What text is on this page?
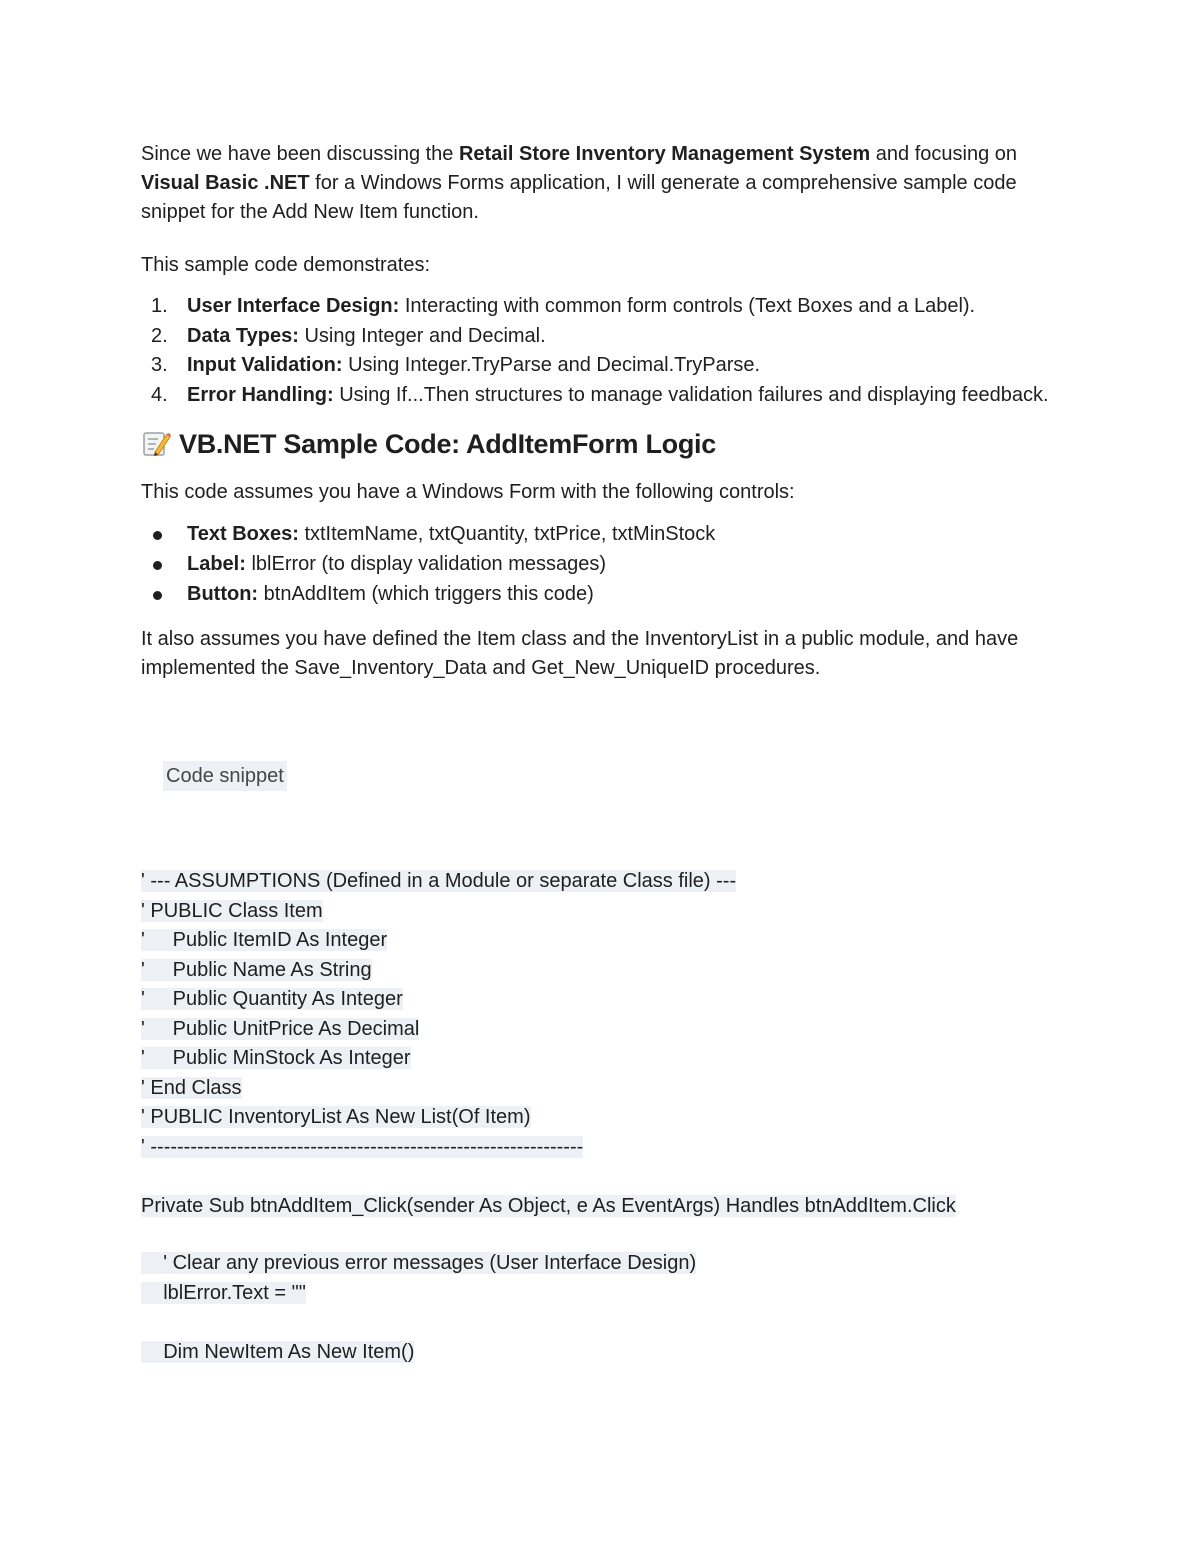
Since we have been discussing the Retail Store Inventory Management System and focusing on Visual Basic .NET for a Windows Forms application, I will generate a comprehensive sample code snippet for the Add New Item function.

This sample code demonstrates:

1. User Interface Design: Interacting with common form controls (Text Boxes and a Label).
2. Data Types: Using Integer and Decimal.
3. Input Validation: Using Integer.TryParse and Decimal.TryParse.
4. Error Handling: Using If...Then structures to manage validation failures and displaying feedback.
VB.NET Sample Code: AddItemForm Logic

This code assumes you have a Windows Form with the following controls:

Text Boxes: txtItemName, txtQuantity, txtPrice, txtMinStock
Label: lblError (to display validation messages)
Button: btnAddItem (which triggers this code)

It also assumes you have defined the Item class and the InventoryList in a public module, and have implemented the Save_Inventory_Data and Get_New_UniqueID procedures.

Code snippet
' --- ASSUMPTIONS (Defined in a Module or separate Class file) ---
' PUBLIC Class Item
'     Public ItemID As Integer
'     Public Name As String
'     Public Quantity As Integer
'     Public UnitPrice As Decimal
'     Public MinStock As Integer
' End Class
' PUBLIC InventoryList As New List(Of Item)
' -----------------------------------------------------------------
Private Sub btnAddItem_Click(sender As Object, e As EventArgs) Handles btnAddItem.Click
' Clear any previous error messages (User Interface Design)
lblError.Text = ""
Dim NewItem As New Item()
